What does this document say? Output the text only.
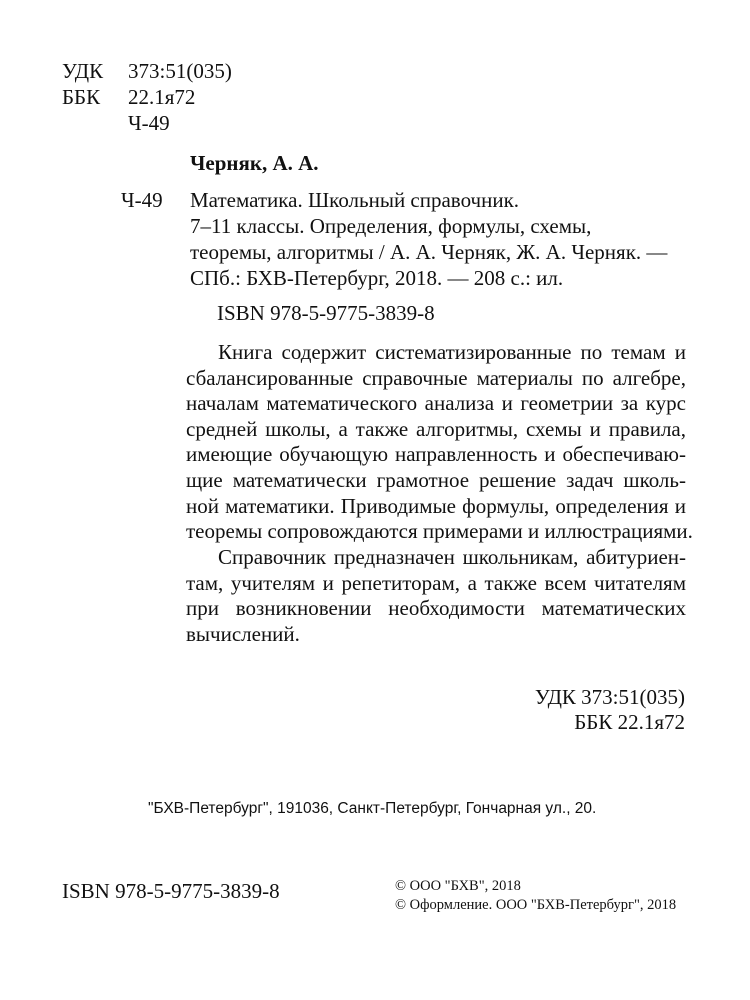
УДК 373:51(035)
ББК 22.1я72
Ч-49
Черняк, А. А.
Ч-49 Математика. Школьный справочник.
7–11 классы. Определения, формулы, схемы,
теоремы, алгоритмы / А. А. Черняк, Ж. А. Черняк. —
СПб.: БХВ-Петербург, 2018. — 208 с.: ил.
ISBN 978-5-9775-3839-8
Книга содержит систематизированные по темам и
сбалансированные справочные материалы по алгебре,
началам математического анализа и геометрии за курс
средней школы, а также алгоритмы, схемы и правила,
имеющие обучающую направленность и обеспечиваю-
щие математически грамотное решение задач школь-
ной математики. Приводимые формулы, определения и
теоремы сопровождаются примерами и иллюстрациями.
Справочник предназначен школьникам, абитуриен-
там, учителям и репетиторам, а также всем читателям
при возникновении необходимости математических
вычислений.
УДК 373:51(035)
ББК 22.1я72
"БХВ-Петербург", 191036, Санкт-Петербург, Гончарная ул., 20.
ISBN 978-5-9775-3839-8	© ООО "БХВ", 2018
© Оформление. ООО "БХВ-Петербург", 2018
